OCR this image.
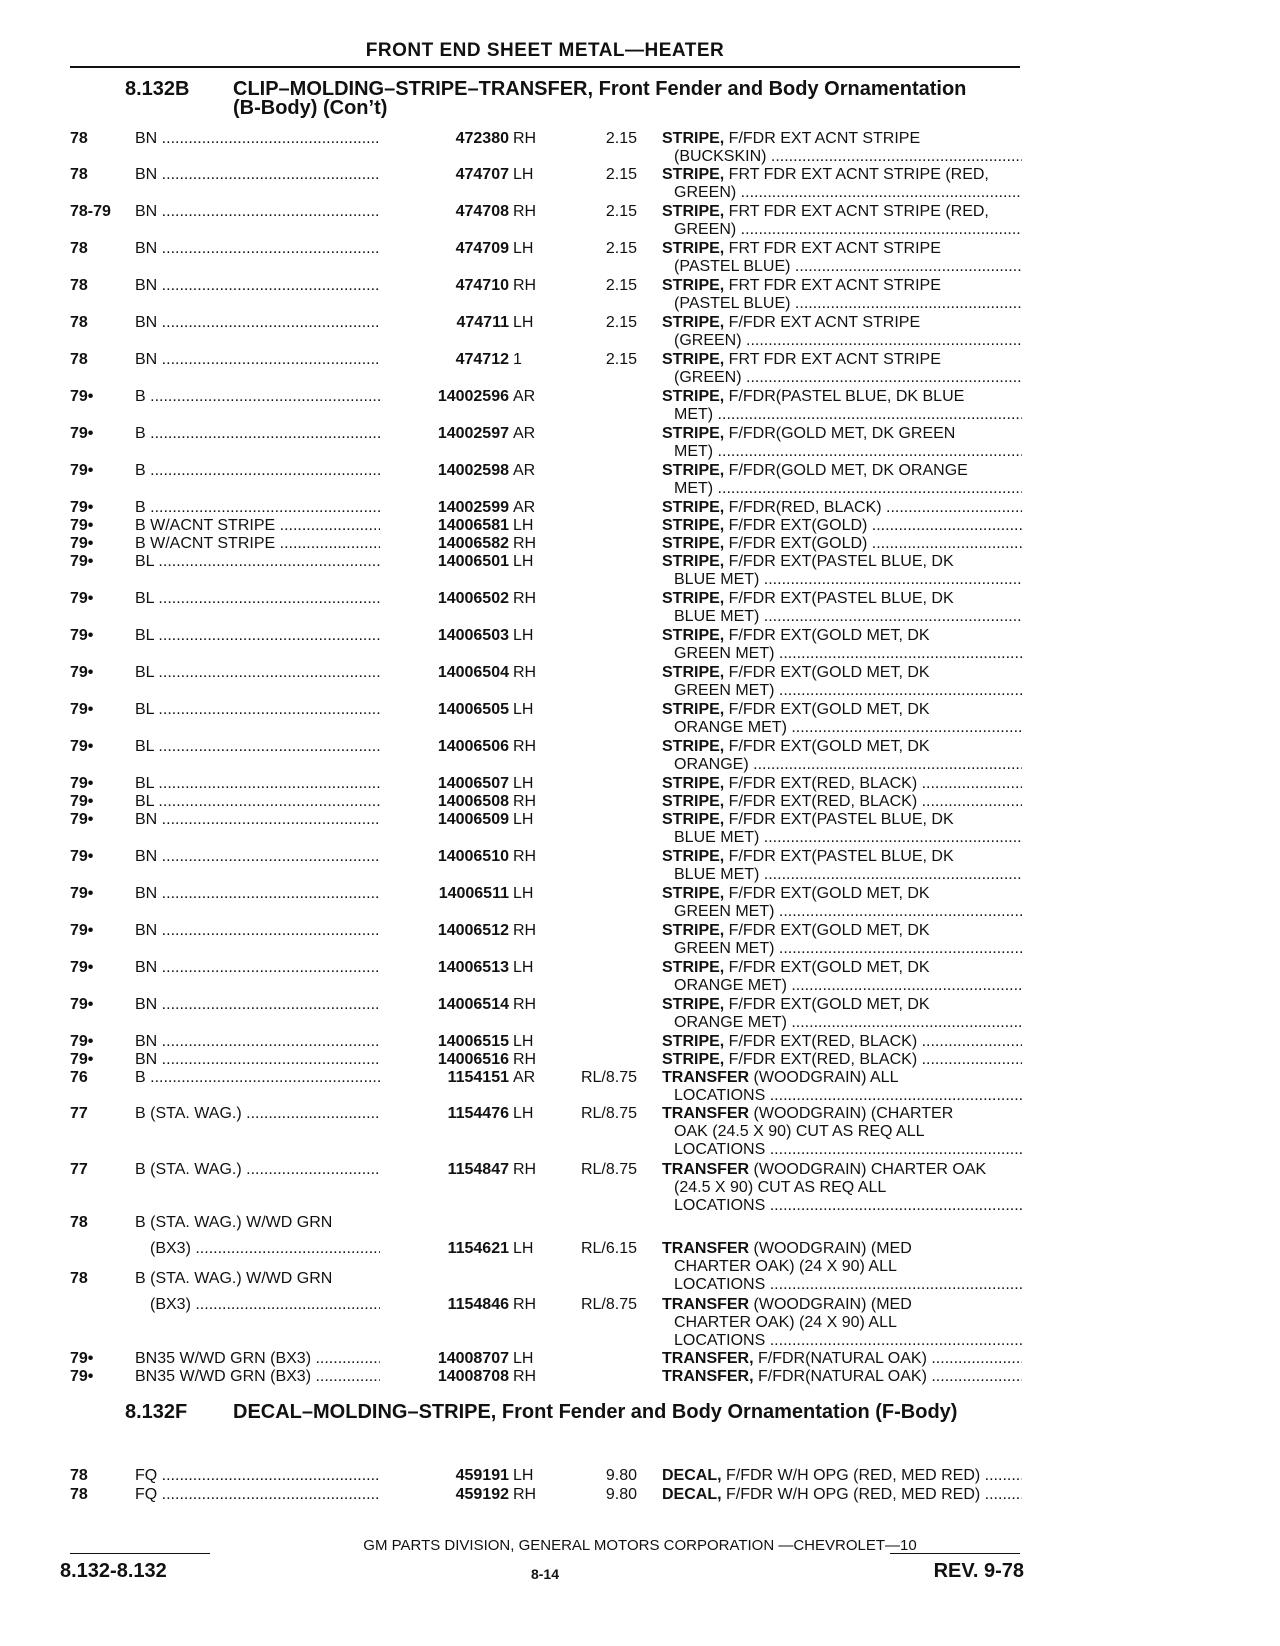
FRONT END SHEET METAL—HEATER
8.132B CLIP–MOLDING–STRIPE–TRANSFER, Front Fender and Body Ornamentation (B-Body) (Con’t)
78	BN .....	472380 RH	2.15 STRIPE, F/FDR EXT ACNT STRIPE
(BUCKSKIN) .....
78	BN .....	474707 LH	2.15 STRIPE, FRT FDR EXT ACNT STRIPE (RED,
GREEN) .....
78-79 BN .....	474708 RH	2.15 STRIPE, FRT FDR EXT ACNT STRIPE (RED,
GREEN) .....
78	BN .....	474709 LH	2.15 STRIPE, FRT FDR EXT ACNT STRIPE
(PASTEL BLUE) .....
78	BN .....	474710 RH	2.15 STRIPE, FRT FDR EXT ACNT STRIPE
(PASTEL BLUE) .....
78	BN .....	474711 LH	2.15 STRIPE, F/FDR EXT ACNT STRIPE
(GREEN) .....
78	BN .....	474712 1	2.15 STRIPE, FRT FDR EXT ACNT STRIPE
(GREEN) .....
79•	B .....	14002596 AR	STRIPE, F/FDR(PASTEL BLUE, DK BLUE
MET) .....
79•	B .....	14002597 AR	STRIPE, F/FDR(GOLD MET, DK GREEN
MET) .....
79•	B .....	14002598 AR	STRIPE, F/FDR(GOLD MET, DK ORANGE
MET) .....
79•	B .....	14002599 AR	STRIPE, F/FDR(RED, BLACK) .....
79•	B W/ACNT STRIPE .....	14006581 LH	STRIPE, F/FDR EXT(GOLD) .....
79•	B W/ACNT STRIPE .....	14006582 RH	STRIPE, F/FDR EXT(GOLD) .....
79•	BL .....	14006501 LH	STRIPE, F/FDR EXT(PASTEL BLUE, DK
BLUE MET) .....
79•	BL .....	14006502 RH	STRIPE, F/FDR EXT(PASTEL BLUE, DK
BLUE MET) .....
79•	BL .....	14006503 LH	STRIPE, F/FDR EXT(GOLD MET, DK
GREEN MET) .....
79•	BL .....	14006504 RH	STRIPE, F/FDR EXT(GOLD MET, DK
GREEN MET) .....
79•	BL .....	14006505 LH	STRIPE, F/FDR EXT(GOLD MET, DK
ORANGE MET) .....
79•	BL .....	14006506 RH	STRIPE, F/FDR EXT(GOLD MET, DK
ORANGE) .....
79•	BL .....	14006507 LH	STRIPE, F/FDR EXT(RED, BLACK) .....
79•	BL .....	14006508 RH	STRIPE, F/FDR EXT(RED, BLACK) .....
79•	BN .....	14006509 LH	STRIPE, F/FDR EXT(PASTEL BLUE, DK
BLUE MET) .....
79•	BN .....	14006510 RH	STRIPE, F/FDR EXT(PASTEL BLUE, DK
BLUE MET) .....
79•	BN .....	14006511 LH	STRIPE, F/FDR EXT(GOLD MET, DK
GREEN MET) .....
79•	BN .....	14006512 RH	STRIPE, F/FDR EXT(GOLD MET, DK
GREEN MET) .....
79•	BN .....	14006513 LH	STRIPE, F/FDR EXT(GOLD MET, DK
ORANGE MET) .....
79•	BN .....	14006514 RH	STRIPE, F/FDR EXT(GOLD MET, DK
ORANGE MET) .....
79•	BN .....	14006515 LH	STRIPE, F/FDR EXT(RED, BLACK) .....
79•	BN .....	14006516 RH	STRIPE, F/FDR EXT(RED, BLACK) .....
76	B .....	1154151 AR	RL/8.75 TRANSFER (WOODGRAIN) ALL
LOCATIONS .....
77	B (STA. WAG.) .....	1154476 LH	RL/8.75 TRANSFER (WOODGRAIN) (CHARTER
OAK (24.5 X 90) CUT AS REQ ALL
LOCATIONS .....
77	B (STA. WAG.) .....	1154847 RH	RL/8.75 TRANSFER (WOODGRAIN) CHARTER OAK
(24.5 X 90) CUT AS REQ ALL
LOCATIONS .....
78	B (STA. WAG.) W/WD GRN
(BX3) .....	1154621 LH	RL/6.15 TRANSFER (WOODGRAIN) (MED
CHARTER OAK) (24 X 90) ALL
LOCATIONS .....
78	B (STA. WAG.) W/WD GRN
(BX3) .....	1154846 RH	RL/8.75 TRANSFER (WOODGRAIN) (MED
CHARTER OAK) (24 X 90) ALL
LOCATIONS .....
79•	BN35 W/WD GRN (BX3) .....	14008707 LH	TRANSFER, F/FDR(NATURAL OAK) .....
79•	BN35 W/WD GRN (BX3) .....	14008708 RH	TRANSFER, F/FDR(NATURAL OAK) .....
8.132F DECAL–MOLDING–STRIPE, Front Fender and Body Ornamentation (F-Body)
78	FQ .....	459191 LH	9.80 DECAL, F/FDR W/H OPG (RED, MED RED) .....
78	FQ .....	459192 RH	9.80 DECAL, F/FDR W/H OPG (RED, MED RED) .....
GM PARTS DIVISION, GENERAL MOTORS CORPORATION —CHEVROLET—10
8.132-8.132	8-14	REV. 9-78
